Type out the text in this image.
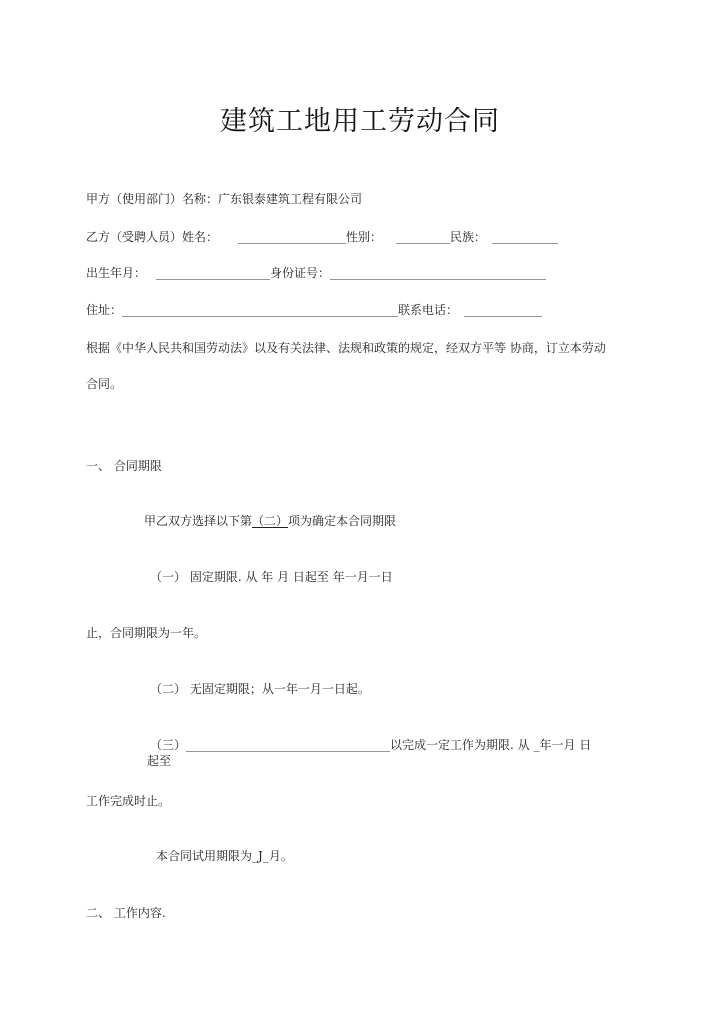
建筑工地用工劳动合同
甲方（使用部门）名称：广东银泰建筑工程有限公司
乙方（受聘人员）姓名： __________________性别： _________民族： ___________
出生年月： ___________________身份证号：____________________________________
住址：______________________________________________联系电话： _____________
根据《中华人民共和国劳动法》以及有关法律、法规和政策的规定，经双方平等 协商，订立本劳动
合同。
一、 合同期限
甲乙双方选择以下第（二）项为确定本合同期限
（一） 固定期限. 从 年 月 日起至 年一月一日
止，合同期限为一年。
（二） 无固定期限；从一年一月一日起。
（三）__________________________________以完成一定工作为期限. 从 _年一月 日
起至
工作完成时止。
本合同试用期限为_J_月。
二、 工作内容.
